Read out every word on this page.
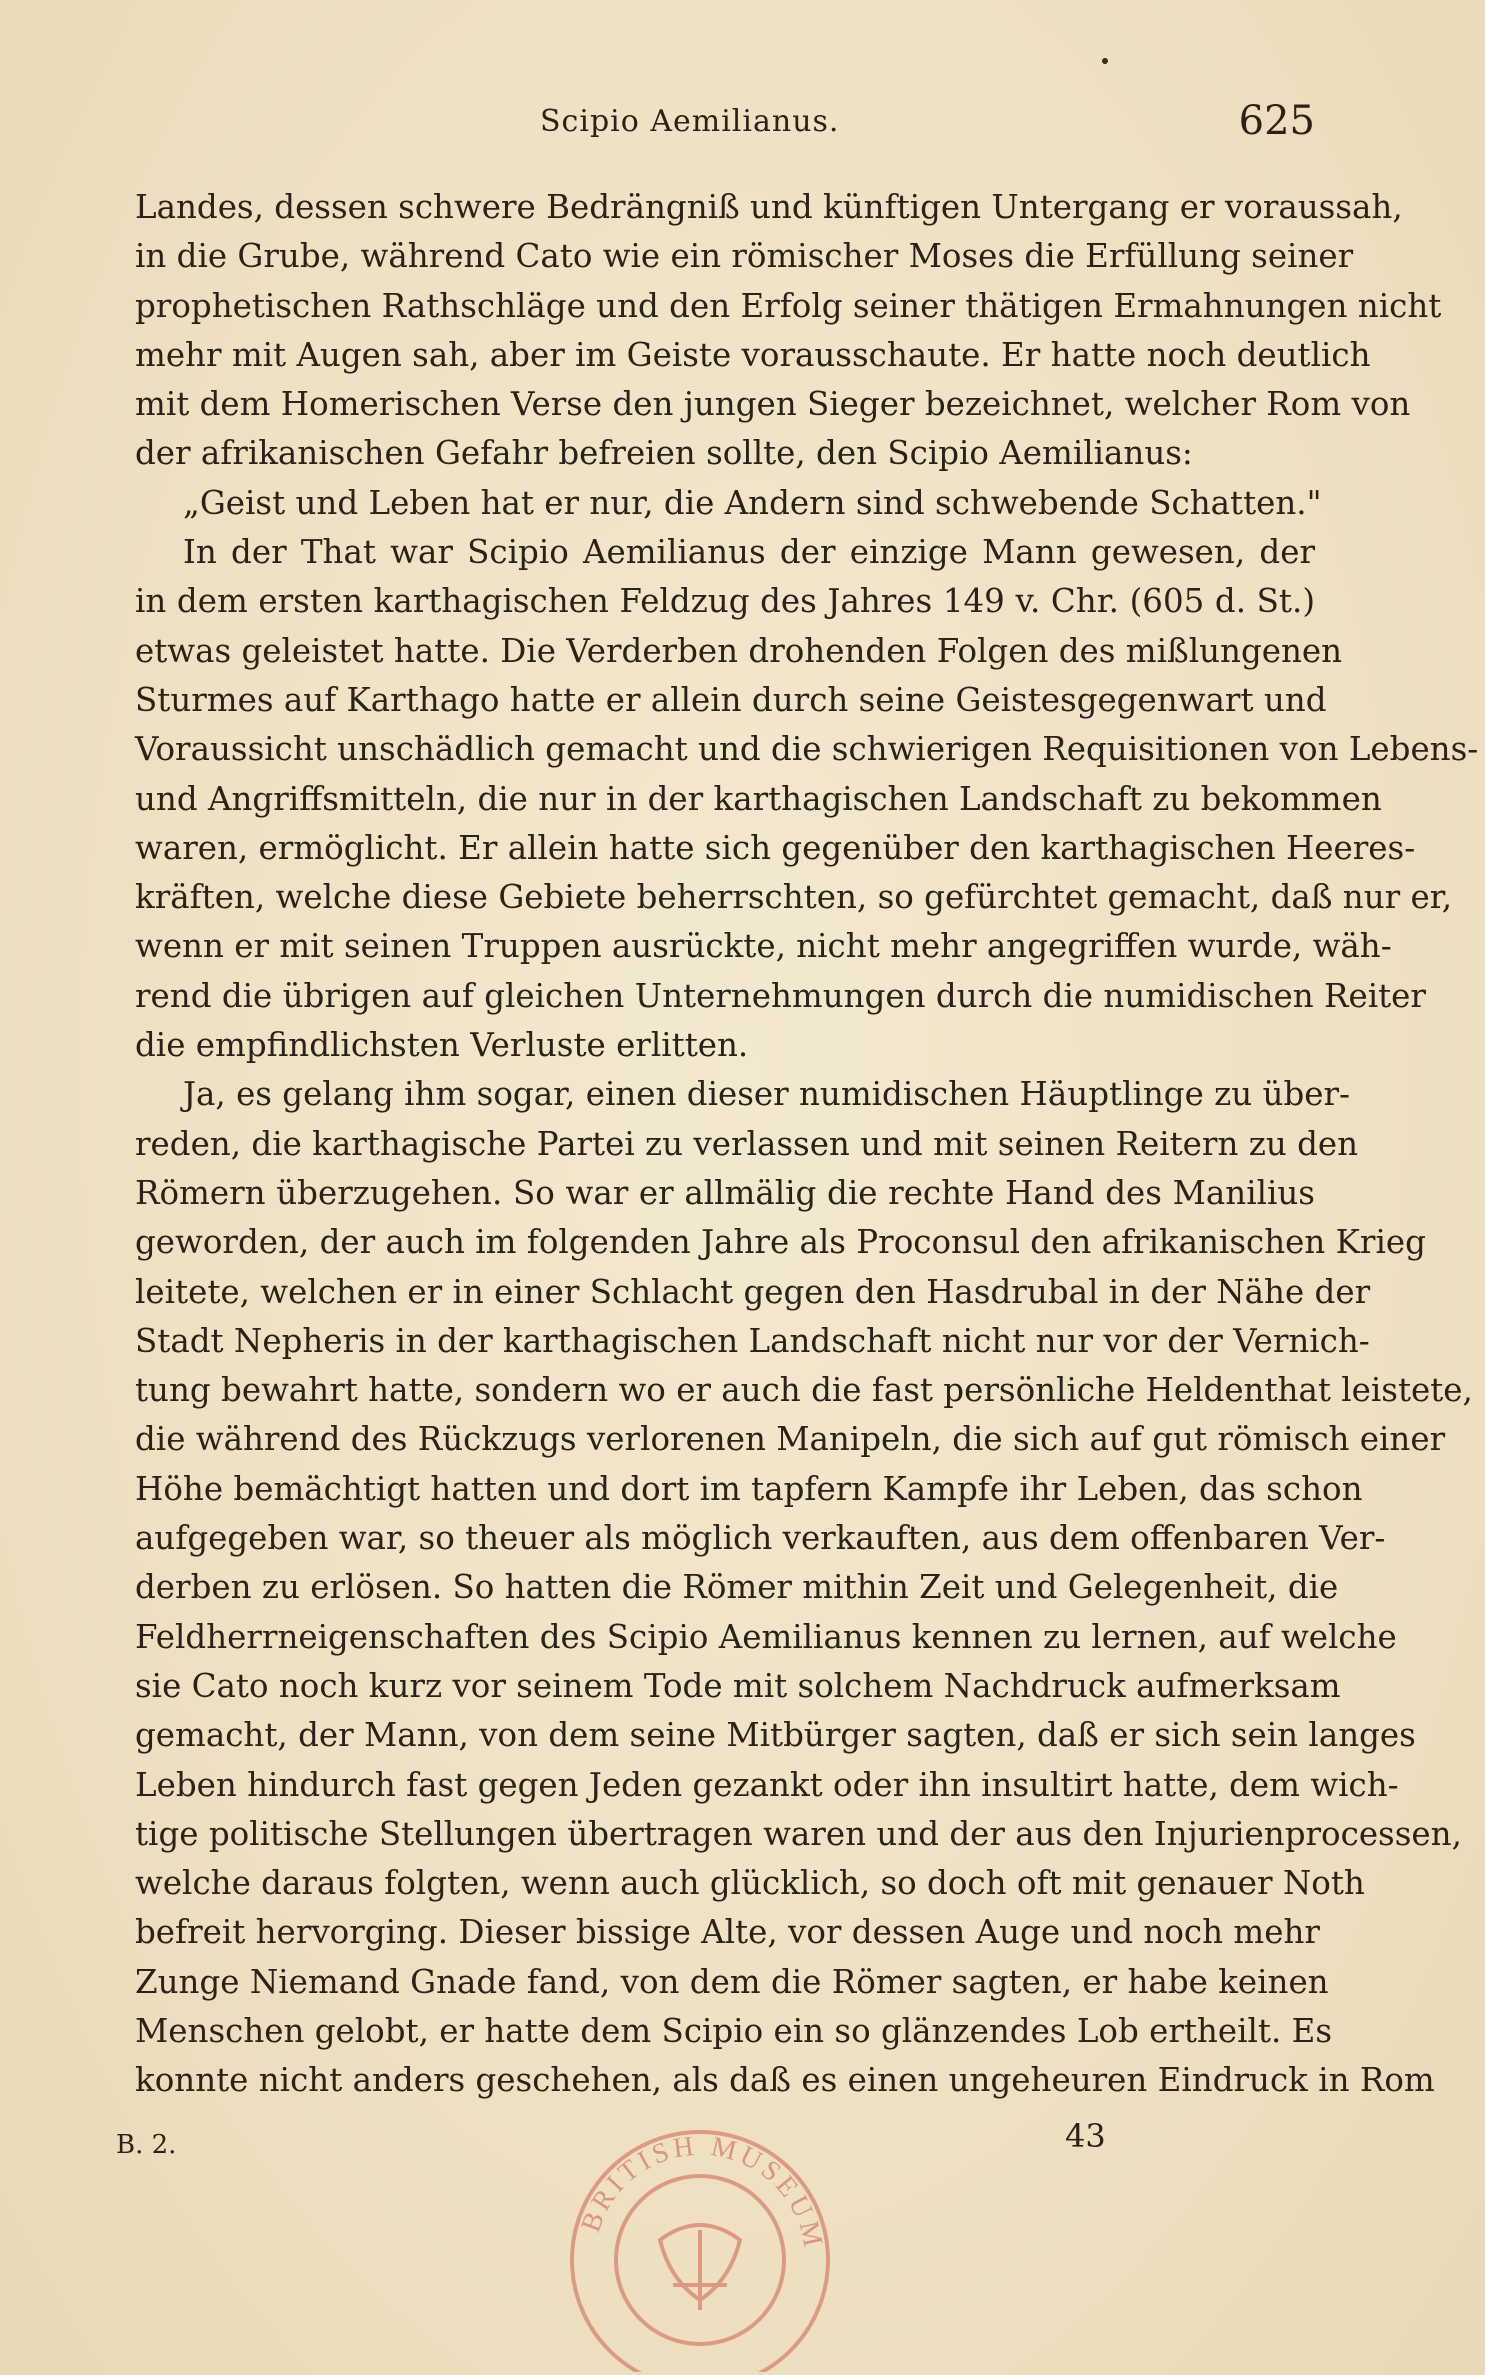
Scipio Aemilianus.	625
Landes, dessen schwere Bedrängniß und künftigen Untergang er voraussah,
in die Grube, während Cato wie ein römischer Moses die Erfüllung seiner
prophetischen Rathschläge und den Erfolg seiner thätigen Ermahnungen nicht
mehr mit Augen sah, aber im Geiste vorausschaute. Er hatte noch deutlich
mit dem Homerischen Verse den jungen Sieger bezeichnet, welcher Rom von
der afrikanischen Gefahr befreien sollte, den Scipio Aemilianus:
„Geist und Leben hat er nur, die Andern sind schwebende Schatten."
In der That war Scipio Aemilianus der einzige Mann gewesen, der
in dem ersten karthagischen Feldzug des Jahres 149 v. Chr. (605 d. St.)
etwas geleistet hatte. Die Verderben drohenden Folgen des mißlungenen
Sturmes auf Karthago hatte er allein durch seine Geistesgegenwart und
Voraussicht unschädlich gemacht und die schwierigen Requisitionen von Lebens-
und Angriffsmitteln, die nur in der karthagischen Landschaft zu bekommen
waren, ermöglicht. Er allein hatte sich gegenüber den karthagischen Heeres-
kräften, welche diese Gebiete beherrschten, so gefürchtet gemacht, daß nur er,
wenn er mit seinen Truppen ausrückte, nicht mehr angegriffen wurde, wäh-
rend die übrigen auf gleichen Unternehmungen durch die numidischen Reiter
die empfindlichsten Verluste erlitten.
Ja, es gelang ihm sogar, einen dieser numidischen Häuptlinge zu über-
reden, die karthagische Partei zu verlassen und mit seinen Reitern zu den
Römern überzugehen. So war er allmälig die rechte Hand des Manilius
geworden, der auch im folgenden Jahre als Proconsul den afrikanischen Krieg
leitete, welchen er in einer Schlacht gegen den Hasdrubal in der Nähe der
Stadt Nepheris in der karthagischen Landschaft nicht nur vor der Vernich-
tung bewahrt hatte, sondern wo er auch die fast persönliche Heldenthat leistete,
die während des Rückzugs verlorenen Manipeln, die sich auf gut römisch einer
Höhe bemächtigt hatten und dort im tapfern Kampfe ihr Leben, das schon
aufgegeben war, so theuer als möglich verkauften, aus dem offenbaren Ver-
derben zu erlösen. So hatten die Römer mithin Zeit und Gelegenheit, die
Feldherrneigenschaften des Scipio Aemilianus kennen zu lernen, auf welche
sie Cato noch kurz vor seinem Tode mit solchem Nachdruck aufmerksam
gemacht, der Mann, von dem seine Mitbürger sagten, daß er sich sein langes
Leben hindurch fast gegen Jeden gezankt oder ihn insultirt hatte, dem wich-
tige politische Stellungen übertragen waren und der aus den Injurienprocessen,
welche daraus folgten, wenn auch glücklich, so doch oft mit genauer Noth
befreit hervorging. Dieser bissige Alte, vor dessen Auge und noch mehr
Zunge Niemand Gnade fand, von dem die Römer sagten, er habe keinen
Menschen gelobt, er hatte dem Scipio ein so glänzendes Lob ertheilt. Es
konnte nicht anders geschehen, als daß es einen ungeheuren Eindruck in Rom
B. 2.	43
BRITISH MUSEUM
